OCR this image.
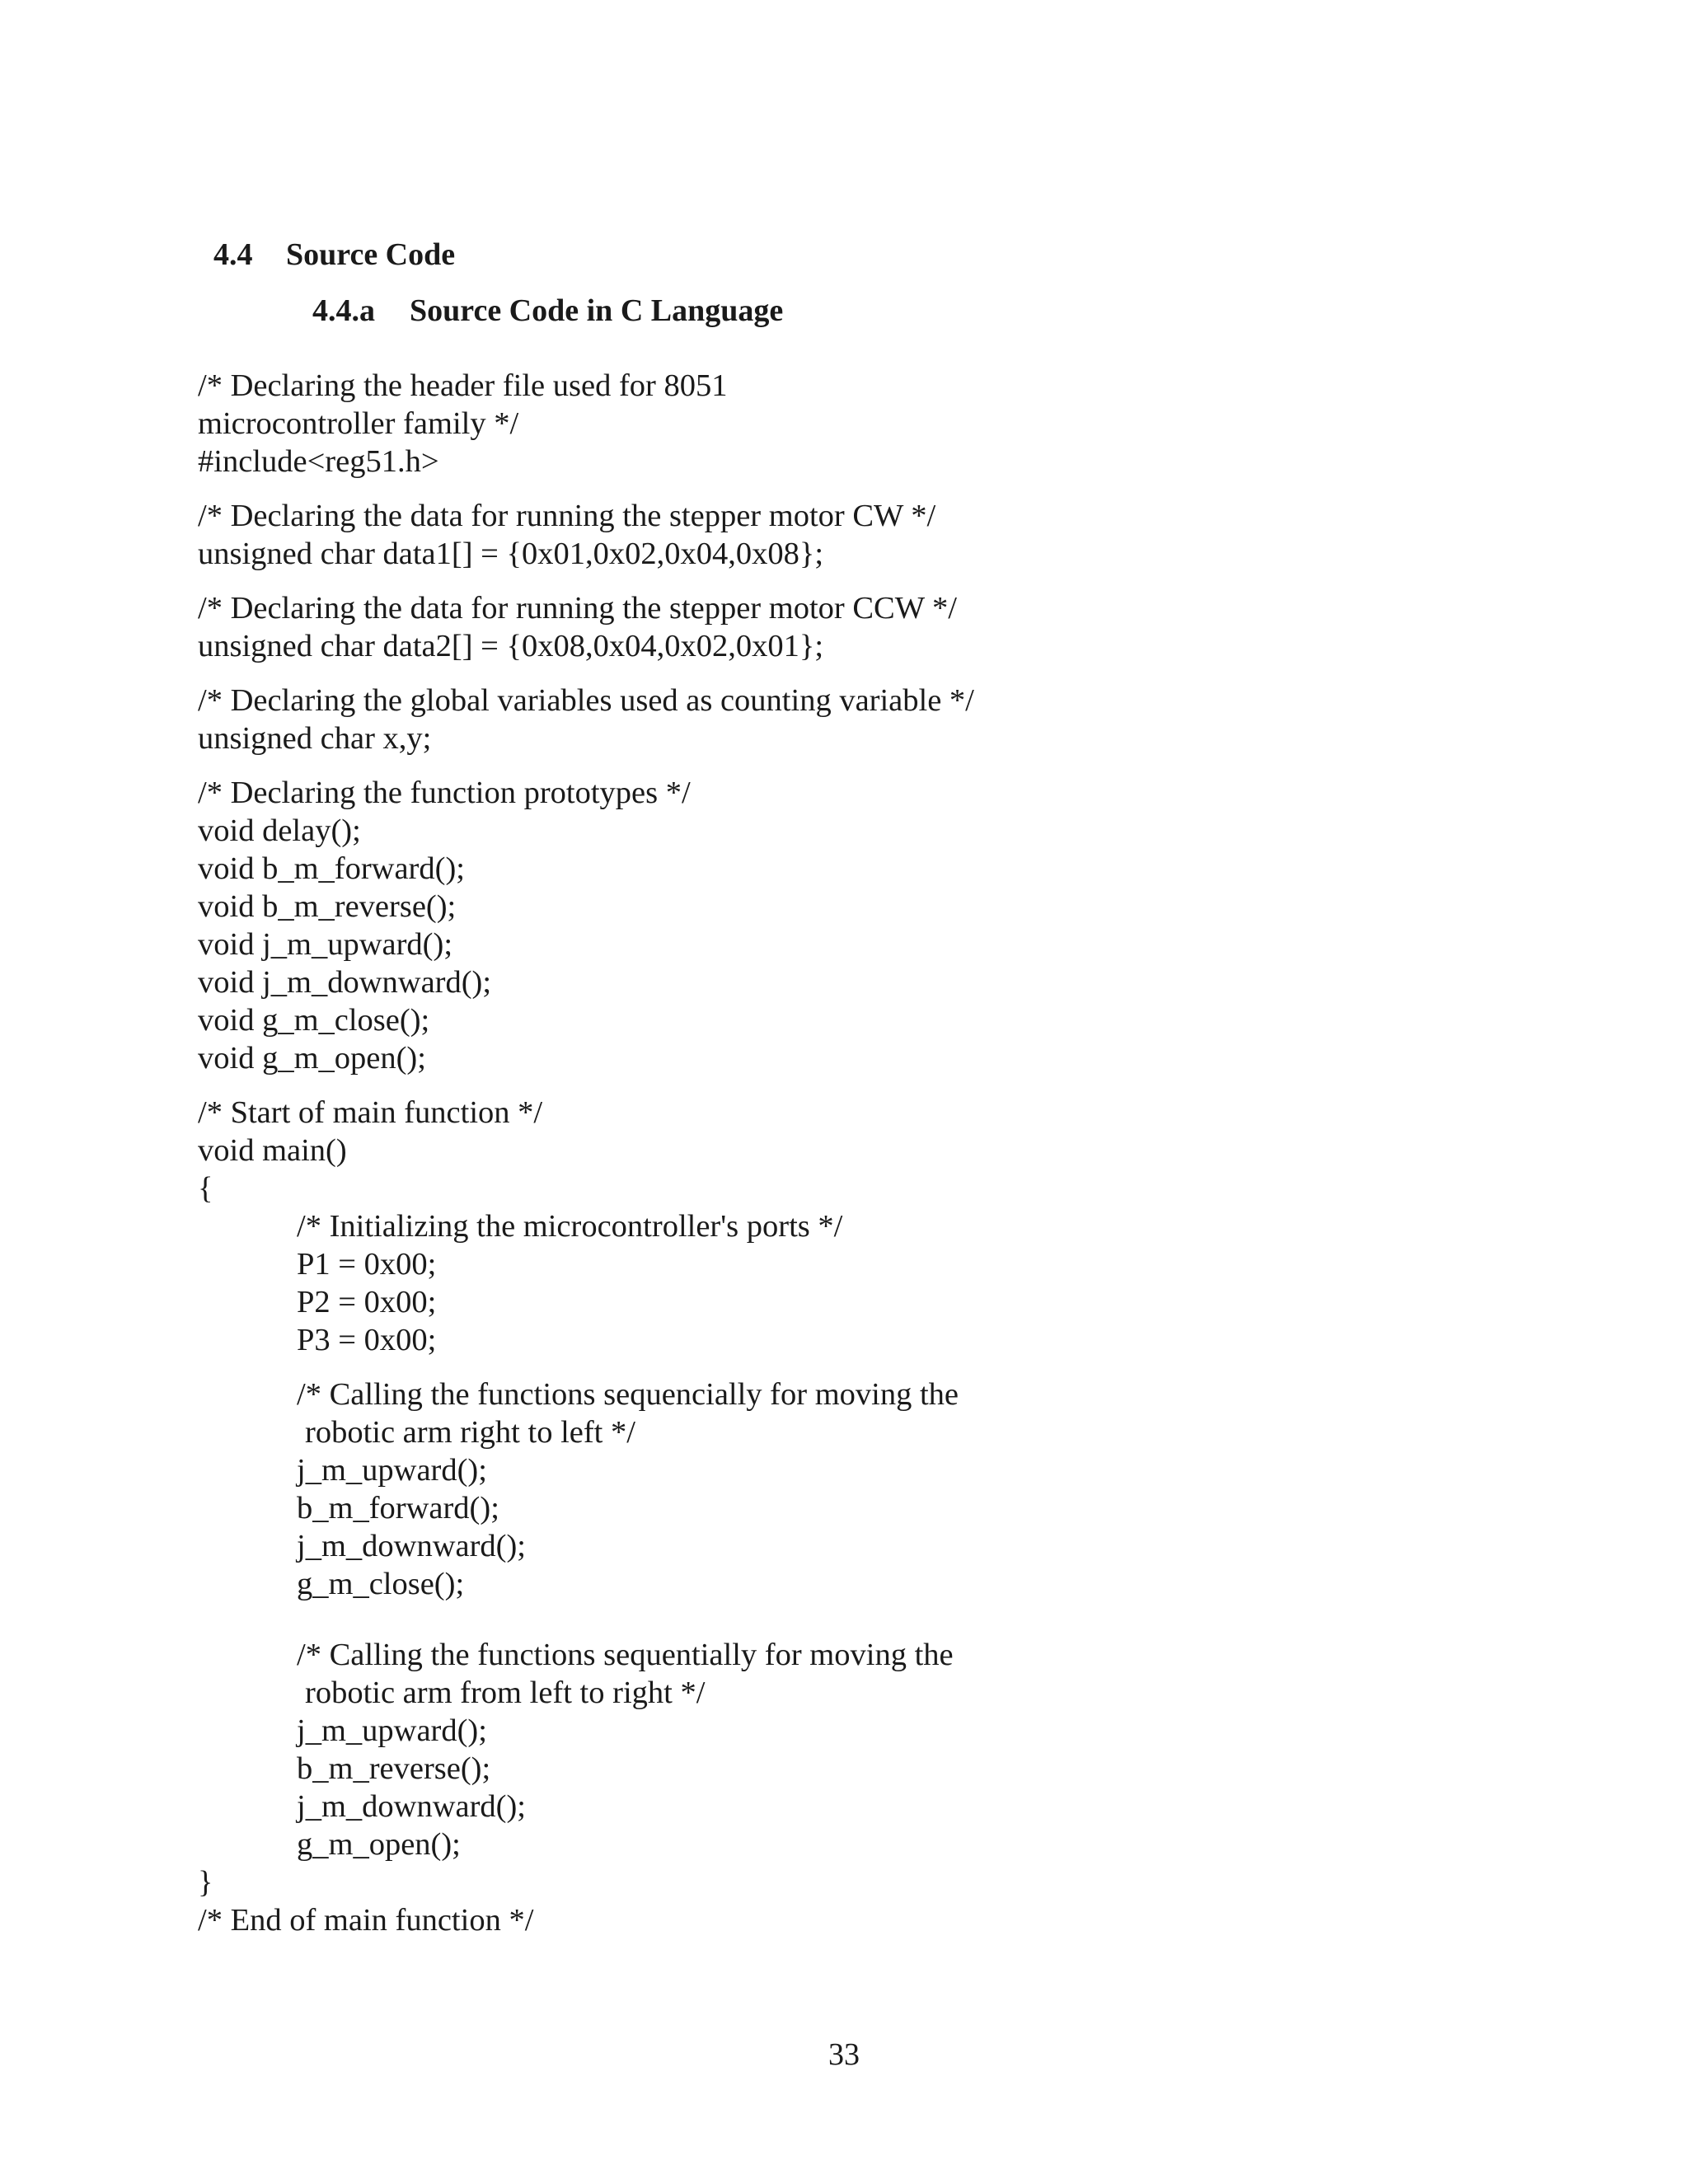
4.4 Source Code

4.4.a Source Code in C Language

/* Declaring the header file used for 8051
microcontroller family */
#include<reg51.h>
/* Declaring the data for running the stepper motor CW */
unsigned char data1[] = {0x01,0x02,0x04,0x08};
/* Declaring the data for running the stepper motor CCW */
unsigned char data2[] = {0x08,0x04,0x02,0x01};
/* Declaring the global variables used as counting variable */
unsigned char x,y;
/* Declaring the function prototypes */
void delay();
void b_m_forward();
void b_m_reverse();
void j_m_upward();
void j_m_downward();
void g_m_close();
void g_m_open();
/* Start of main function */
void main()
{
/* Initializing the microcontroller's ports */
P1 = 0x00;
P2 = 0x00;
P3 = 0x00;
/* Calling the functions sequencially for moving the
robotic arm right to left */
j_m_upward();
b_m_forward();
j_m_downward();
g_m_close();
/* Calling the functions sequentially for moving the
robotic arm from left to right */
j_m_upward();
b_m_reverse();
j_m_downward();
g_m_open();
}
/* End of main function */
33
